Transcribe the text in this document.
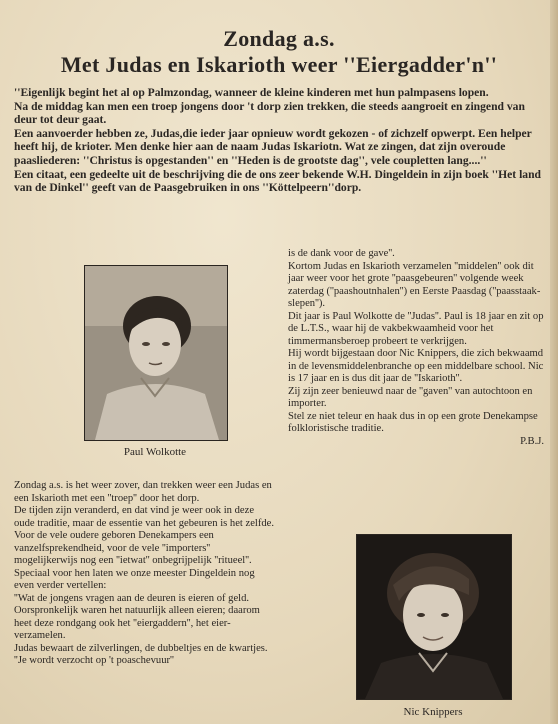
Zondag a.s.
Met Judas en Iskarioth weer ''Eiergadder'n''

''Eigenlijk begint het al op Palmzondag, wanneer de kleine kinderen met hun palmpasens lopen.

Na de middag kan men een troep jongens door 't dorp zien trekken, die steeds aangroeit en zingend van deur tot deur gaat.

Een aanvoerder hebben ze, Judas,die ieder jaar opnieuw wordt gekozen - of zichzelf opwerpt. Een helper heeft hij, de krioter. Men denke hier aan de naam Judas Iskariotn. Wat ze zingen, dat zijn overoude paasliederen: ''Christus is opgestanden'' en ''Heden is de grootste dag'', vele coupletten lang....''

Een citaat, een gedeelte uit de beschrijving die de ons zeer bekende W.H. Dingeldein in zijn boek ''Het land van de Dinkel'' geeft van de Paasgebruiken in ons ''Köttelpeern''dorp.

Paul Wolkotte

is de dank voor de gave''.

Kortom Judas en Iskarioth verzamelen ''middelen'' ook dit jaar weer voor het grote ''paasgebeuren'' volgende week zaterdag (''paashoutnhalen'') en Eerste Paasdag (''paasstaak-slepen'').

Dit jaar is Paul Wolkotte de ''Judas''. Paul is 18 jaar en zit op de L.T.S., waar hij de vakbekwaamheid voor het timmermansberoep probeert te verkrijgen.

Hij wordt bijgestaan door Nic Knippers, die zich bekwaamd in de levensmiddelenbranche op een middelbare school. Nic is 17 jaar en is dus dit jaar de ''Iskarioth''.

Zij zijn zeer benieuwd naar de ''gaven'' van autochtoon en importer.

Stel ze niet teleur en haak dus in op een grote Denekampse folkloristische traditie.

P.B.J.

Zondag a.s. is het weer zover, dan trekken weer een Judas en een Iskarioth met een ''troep'' door het dorp.

De tijden zijn veranderd, en dat vind je weer ook in deze oude traditie, maar de essentie van het gebeuren is het zelfde.

Voor de vele oudere geboren Denekampers een vanzelfsprekendheid, voor de vele ''importers'' mogelijkerwijs nog een ''ietwat'' onbegrijpelijk ''ritueel''.

Speciaal voor hen laten we onze meester Dingeldein nog even verder vertellen:

''Wat de jongens vragen aan de deuren is eieren of geld. Oorspronkelijk waren het natuurlijk alleen eieren; daarom heet deze rondgang ook het ''eiergaddern'', het eier-verzamelen.

Judas bewaart de zilverlingen, de dubbeltjes en de kwartjes. ''Je wordt verzocht op 't poaschevuur''

Nic Knippers
